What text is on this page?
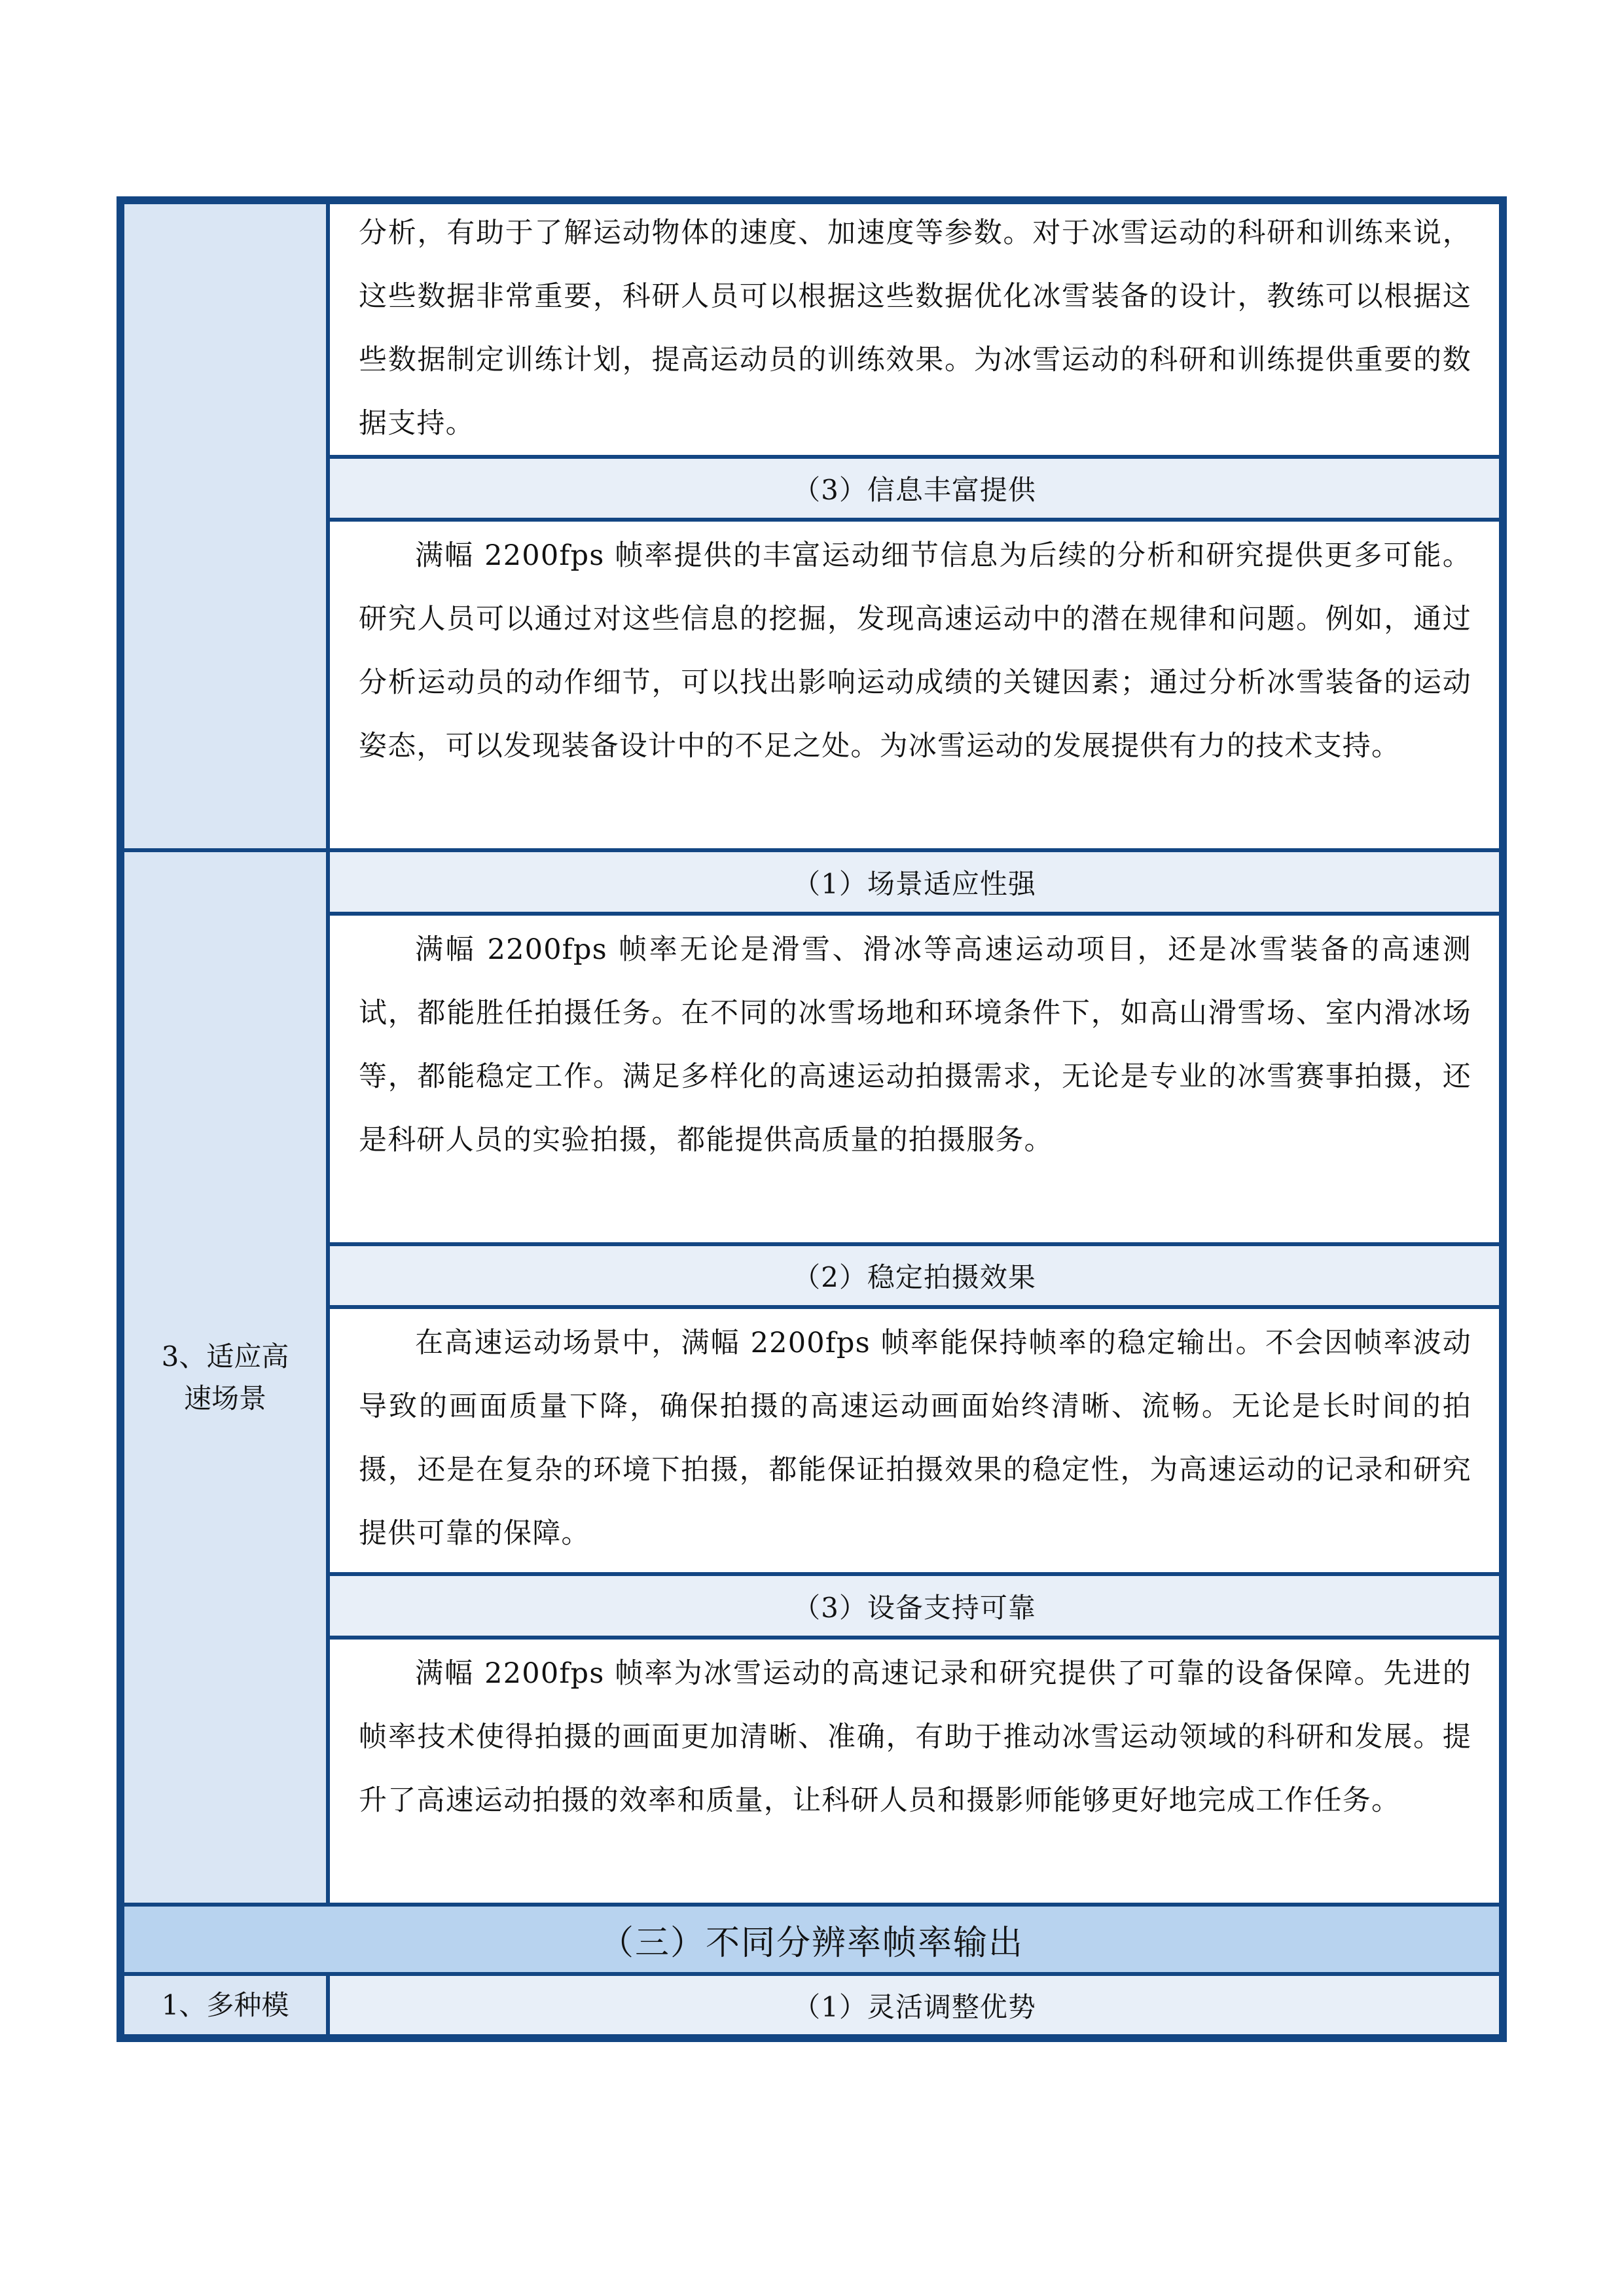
分析，有助于了解运动物体的速度、加速度等参数。对于冰雪运动的科研和训练来说，这些数据非常重要，科研人员可以根据这些数据优化冰雪装备的设计，教练可以根据这些数据制定训练计划，提高运动员的训练效果。为冰雪运动的科研和训练提供重要的数据支持。

（3）信息丰富提供

满幅 2200fps 帧率提供的丰富运动细节信息为后续的分析和研究提供更多可能。研究人员可以通过对这些信息的挖掘，发现高速运动中的潜在规律和问题。例如，通过分析运动员的动作细节，可以找出影响运动成绩的关键因素；通过分析冰雪装备的运动姿态，可以发现装备设计中的不足之处。为冰雪运动的发展提供有力的技术支持。

3、适应高速场景
（1）场景适应性强

满幅 2200fps 帧率无论是滑雪、滑冰等高速运动项目，还是冰雪装备的高速测试，都能胜任拍摄任务。在不同的冰雪场地和环境条件下，如高山滑雪场、室内滑冰场等，都能稳定工作。满足多样化的高速运动拍摄需求，无论是专业的冰雪赛事拍摄，还是科研人员的实验拍摄，都能提供高质量的拍摄服务。

（2）稳定拍摄效果

在高速运动场景中，满幅 2200fps 帧率能保持帧率的稳定输出。不会因帧率波动导致的画面质量下降，确保拍摄的高速运动画面始终清晰、流畅。无论是长时间的拍摄，还是在复杂的环境下拍摄，都能保证拍摄效果的稳定性，为高速运动的记录和研究提供可靠的保障。

（3）设备支持可靠

满幅 2200fps 帧率为冰雪运动的高速记录和研究提供了可靠的设备保障。先进的帧率技术使得拍摄的画面更加清晰、准确，有助于推动冰雪运动领域的科研和发展。提升了高速运动拍摄的效率和质量，让科研人员和摄影师能够更好地完成工作任务。

（三）不同分辨率帧率输出
1、多种模	（1）灵活调整优势
